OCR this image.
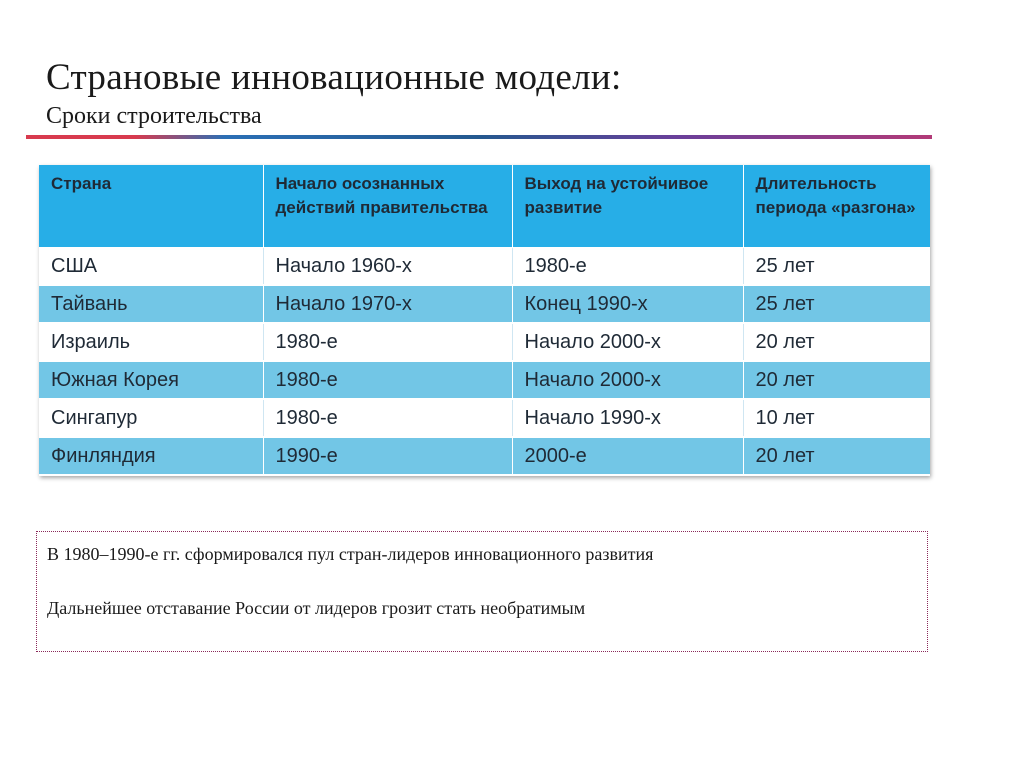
Страновые инновационные модели:
Сроки строительства
Страна	Начало осознанных действий правительства	Выход на устойчивое развитие	Длительность периода «разгона»
США	Начало 1960-х	1980-е	25 лет
Тайвань	Начало 1970-х	Конец 1990-х	25 лет
Израиль	1980-е	Начало 2000-х	20 лет
Южная Корея	1980-е	Начало 2000-х	20 лет
Сингапур	1980-е	Начало 1990-х	10 лет
Финляндия	1990-е	2000-е	20 лет

В 1980–1990-е гг. сформировался пул стран-лидеров инновационного развития

Дальнейшее отставание России от лидеров грозит стать необратимым
